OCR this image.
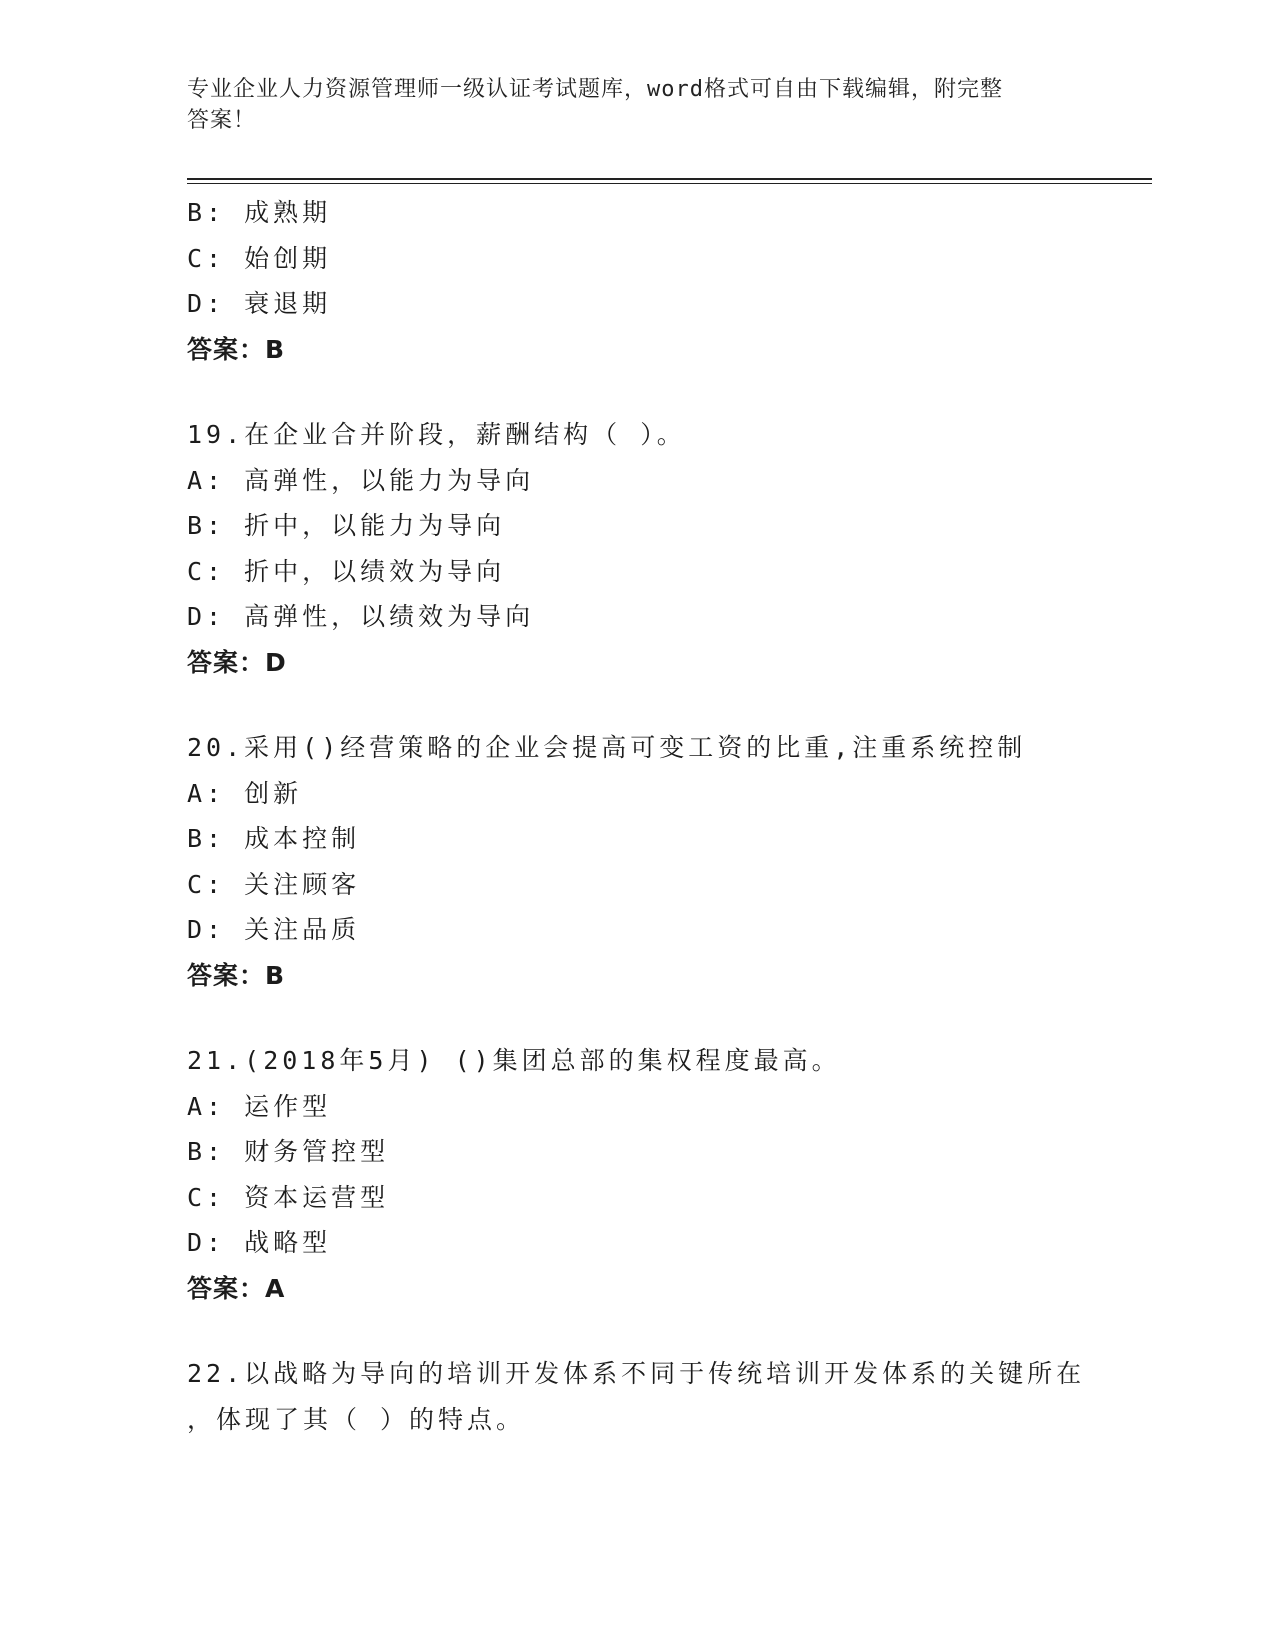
专业企业人力资源管理师一级认证考试题库，word格式可自由下载编辑，附完整
答案！
B: 成熟期
C: 始创期
D: 衰退期
答案：B
19.在企业合并阶段，薪酬结构（ ）。
A: 高弹性，以能力为导向
B: 折中，以能力为导向
C: 折中，以绩效为导向
D: 高弹性，以绩效为导向
答案：D
20.采用()经营策略的企业会提高可变工资的比重,注重系统控制
A: 创新
B: 成本控制
C: 关注顾客
D: 关注品质
答案：B
21.(2018年5月) ()集团总部的集权程度最高。
A: 运作型
B: 财务管控型
C: 资本运营型
D: 战略型
答案：A
22.以战略为导向的培训开发体系不同于传统培训开发体系的关键所在
，体现了其（ ）的特点。
